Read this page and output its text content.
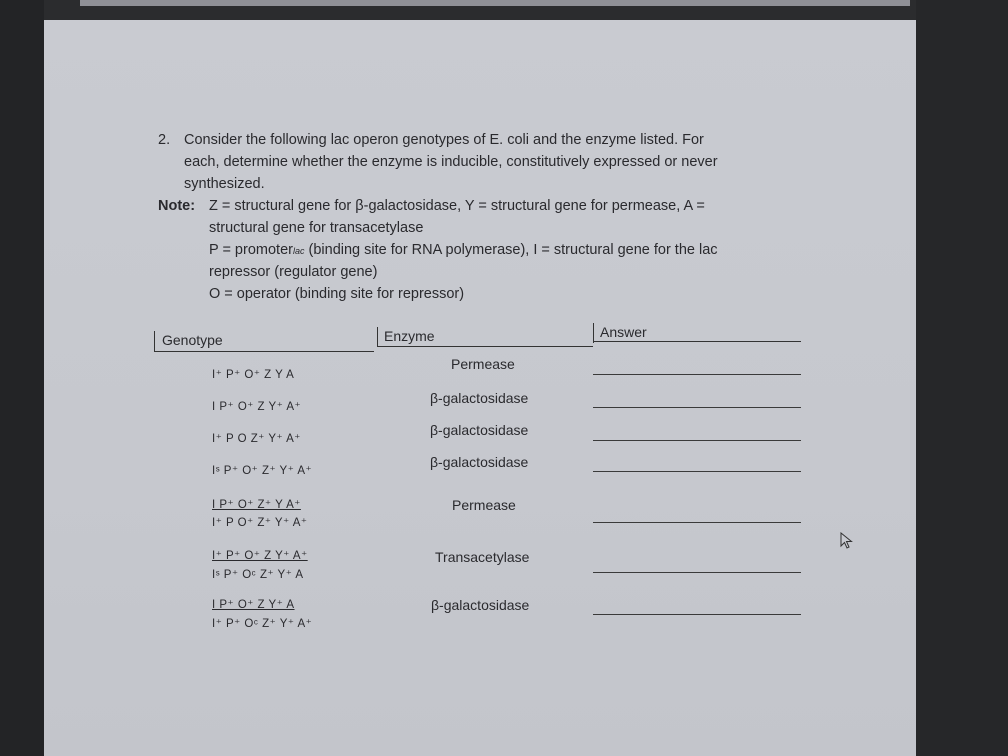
2. Consider the following lac operon genotypes of E. coli and the enzyme listed. For
each, determine whether the enzyme is inducible, constitutively expressed or never
synthesized.
Note: Z = structural gene for β-galactosidase, Y = structural gene for permease, A =
structural gene for transacetylase
P = promoterlac (binding site for RNA polymerase), I = structural gene for the lac
repressor (regulator gene)
O = operator (binding site for repressor)
Genotype	Enzyme	Answer
I⁺ P⁺ O⁺ Z Y A
Permease
I P⁺ O⁺ Z Y⁺ A⁺
β-galactosidase
I⁺ P O Z⁺ Y⁺ A⁺
β-galactosidase
Iˢ P⁺ O⁺ Z⁺ Y⁺ A⁺
β-galactosidase
I P⁺ O⁺ Z⁺ Y A⁺
I⁺ P O⁺ Z⁺ Y⁺ A⁺
Permease
I⁺ P⁺ O⁺ Z Y⁺ A⁺
Iˢ P⁺ Oᶜ Z⁺ Y⁺ A
Transacetylase
I P⁺ O⁺ Z Y⁺ A
I⁺ P⁺ Oᶜ Z⁺ Y⁺ A⁺
β-galactosidase
